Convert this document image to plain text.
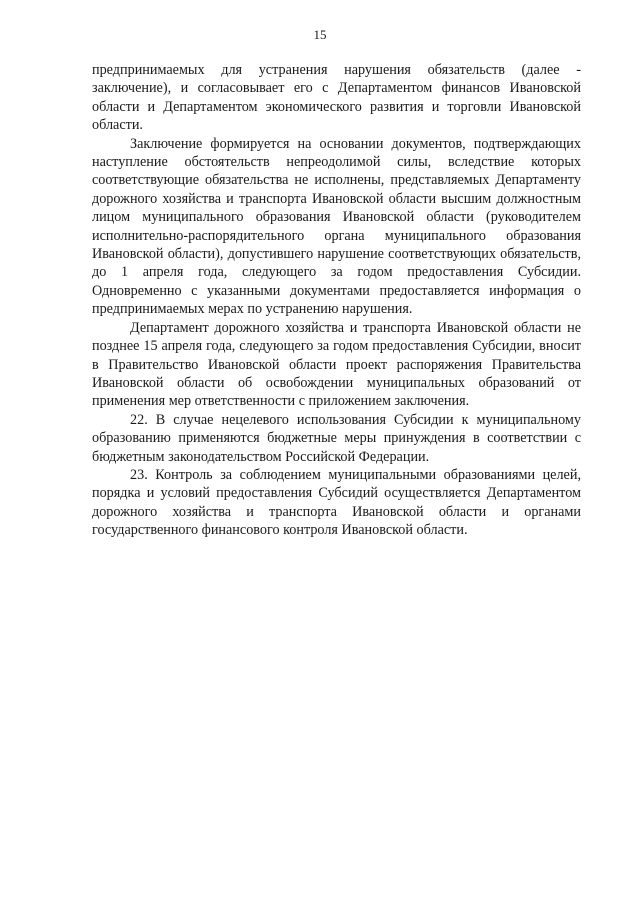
15

предпринимаемых для устранения нарушения обязательств (далее - заключение), и согласовывает его с Департаментом финансов Ивановской области и Департаментом экономического развития и торговли Ивановской области.

Заключение формируется на основании документов, подтверждающих наступление обстоятельств непреодолимой силы, вследствие которых соответствующие обязательства не исполнены, представляемых Департаменту дорожного хозяйства и транспорта Ивановской области высшим должностным лицом муниципального образования Ивановской области (руководителем исполнительно-распорядительного органа муниципального образования Ивановской области), допустившего нарушение соответствующих обязательств, до 1 апреля года, следующего за годом предоставления Субсидии. Одновременно с указанными документами предоставляется информация о предпринимаемых мерах по устранению нарушения.

Департамент дорожного хозяйства и транспорта Ивановской области не позднее 15 апреля года, следующего за годом предоставления Субсидии, вносит в Правительство Ивановской области проект распоряжения Правительства Ивановской области об освобождении муниципальных образований от применения мер ответственности с приложением заключения.

22. В случае нецелевого использования Субсидии к муниципальному образованию применяются бюджетные меры принуждения в соответствии с бюджетным законодательством Российской Федерации.

23. Контроль за соблюдением муниципальными образованиями целей, порядка и условий предоставления Субсидий осуществляется Департаментом дорожного хозяйства и транспорта Ивановской области и органами государственного финансового контроля Ивановской области.
